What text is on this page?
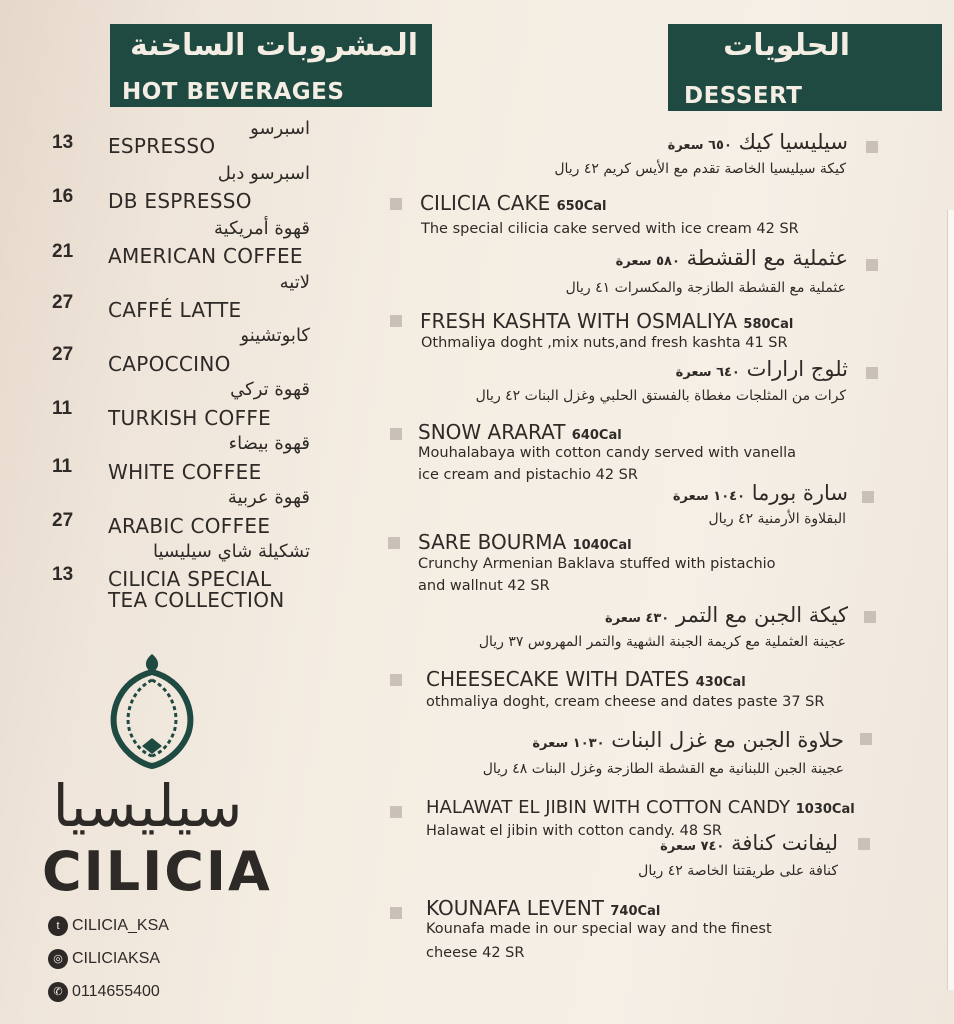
المشروبات الساخنة
HOT BEVERAGES
الحلويات
DESSERT
اسبرسو
13 ESPRESSO
اسبرسو دبل
16 DB ESPRESSO
قهوة أمريكية
21 AMERICAN COFFEE
لاتيه
27 CAFFÉ LATTE
كابوتشينو
27 CAPOCCINO
قهوة تركي
11 TURKISH COFFE
قهوة بيضاء
11 WHITE COFFEE
قهوة عربية
27 ARABIC COFFEE
تشكيلة شاي سيليسيا
13 CILICIA SPECIAL
TEA COLLECTION
سيليسيا كيك ٦٥٠ سعرة
كيكة سيليسيا الخاصة تقدم مع الأيس كريم ٤٢ ريال
CILICIA CAKE 650Cal
The special cilicia cake served with ice cream 42 SR
عثملية مع القشطة ٥٨٠ سعرة
عثملية مع القشطة الطازجة والمكسرات ٤١ ريال
FRESH KASHTA WITH OSMALIYA 580Cal
Othmaliya doght ,mix nuts,and fresh kashta 41 SR
ثلوج ارارات ٦٤٠ سعرة
كرات من المثلجات مغطاة بالفستق الحلبي وغزل البنات ٤٢ ريال
SNOW ARARAT 640Cal
Mouhalabaya with cotton candy served with vanella
ice cream and pistachio 42 SR
سارة بورما ١٠٤٠ سعرة
البقلاوة الأرمنية ٤٢ ريال
SARE BOURMA 1040Cal
Crunchy Armenian Baklava stuffed with pistachio
and wallnut 42 SR
كيكة الجبن مع التمر ٤٣٠ سعرة
عجينة العثملية مع كريمة الجبنة الشهية والتمر المهروس ٣٧ ريال
CHEESECAKE WITH DATES 430Cal
othmaliya doght, cream cheese and dates paste 37 SR
حلاوة الجبن مع غزل البنات ١٠٣٠ سعرة
عجينة الجبن اللبنانية مع القشطة الطازجة وغزل البنات ٤٨ ريال
HALAWAT EL JIBIN WITH COTTON CANDY 1030Cal
Halawat el jibin with cotton candy. 48 SR ليفانت كنافة ٧٤٠ سعرة
كنافة على طريقتنا الخاصة ٤٢ ريال
KOUNAFA LEVENT 740Cal
Kounafa made in our special way and the finest
cheese 42 SR
سيليسيا
CILICIA
t CILICIA_KSA
◎ CILICIAKSA
✆ 0114655400
